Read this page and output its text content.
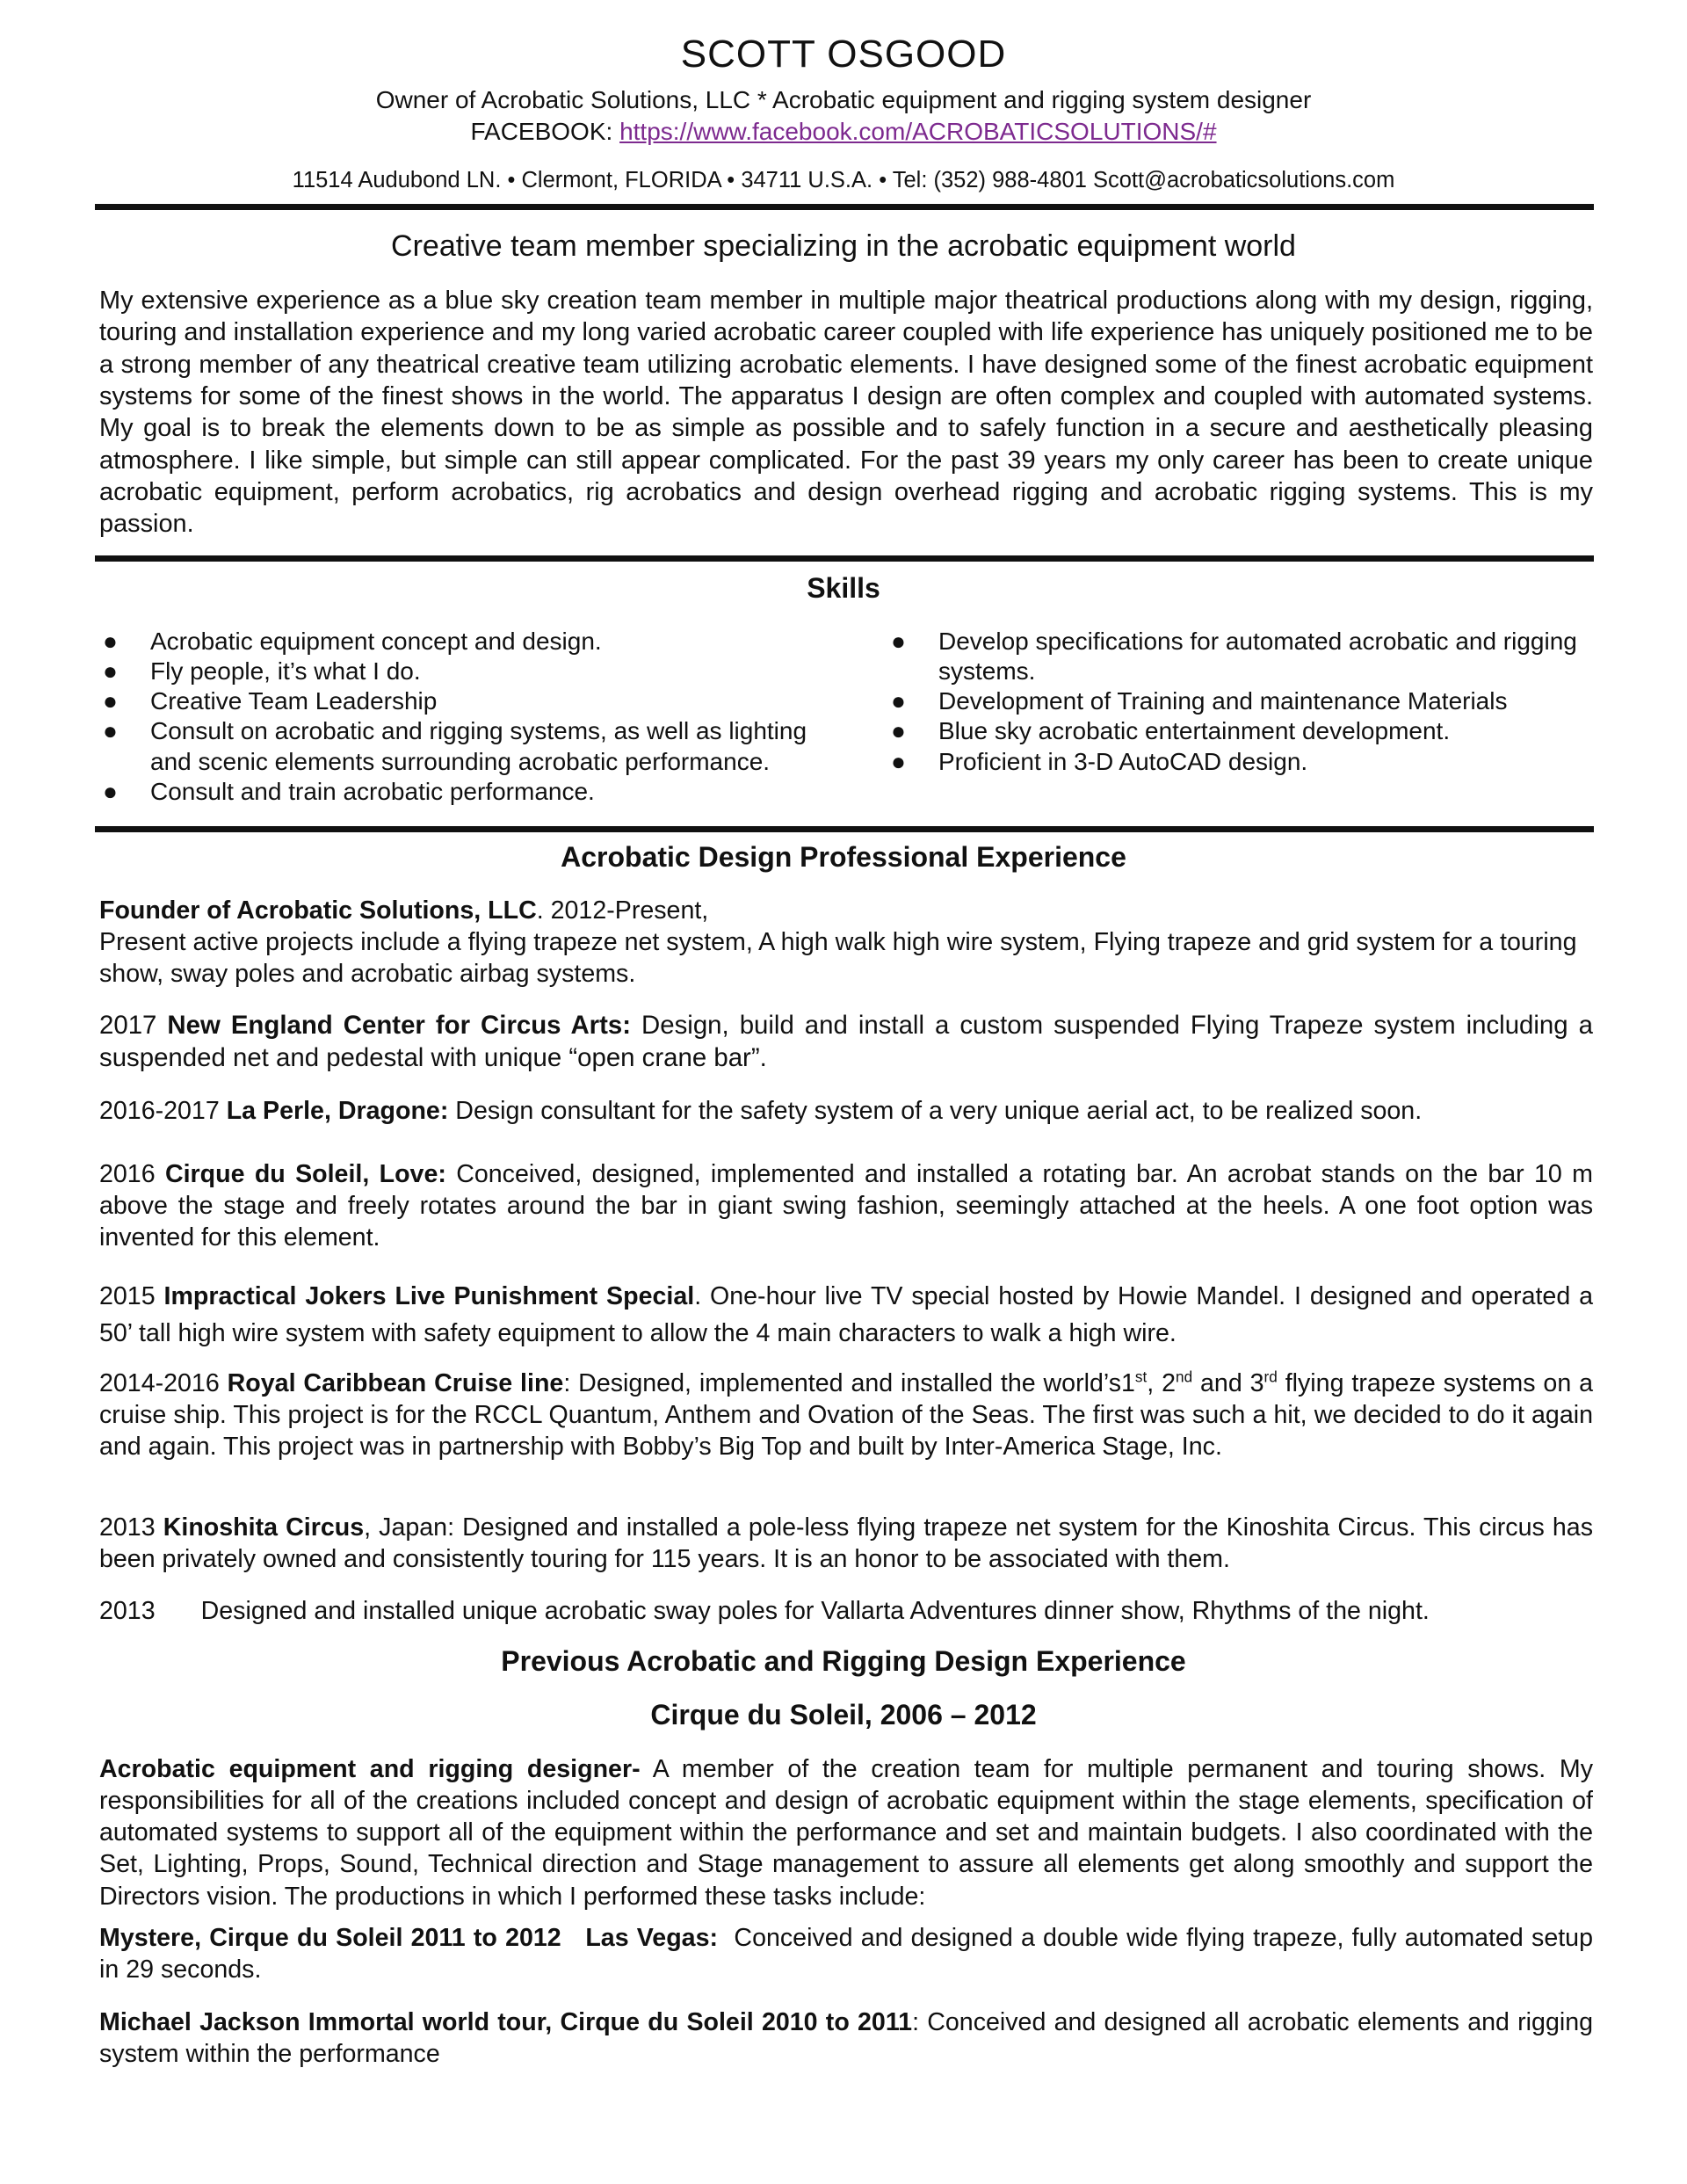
SCOTT OSGOOD
Owner of Acrobatic Solutions, LLC * Acrobatic equipment and rigging system designer
FACEBOOK: https://www.facebook.com/ACROBATICSOLUTIONS/#
11514 Audubond LN. • Clermont, FLORIDA • 34711 U.S.A. • Tel: (352) 988-4801 Scott@acrobaticsolutions.com
Creative team member specializing in the acrobatic equipment world
My extensive experience as a blue sky creation team member in multiple major theatrical productions along with my design, rigging, touring and installation experience and my long varied acrobatic career coupled with life experience has uniquely positioned me to be a strong member of any theatrical creative team utilizing acrobatic elements. I have designed some of the finest acrobatic equipment systems for some of the finest shows in the world. The apparatus I design are often complex and coupled with automated systems. My goal is to break the elements down to be as simple as possible and to safely function in a secure and aesthetically pleasing atmosphere. I like simple, but simple can still appear complicated. For the past 39 years my only career has been to create unique acrobatic equipment, perform acrobatics, rig acrobatics and design overhead rigging and acrobatic rigging systems. This is my passion.
Skills
● Acrobatic equipment concept and design.
● Fly people, it’s what I do.
● Creative Team Leadership
● Consult on acrobatic and rigging systems, as well as lighting and scenic elements surrounding acrobatic performance.
● Consult and train acrobatic performance.
● Develop specifications for automated acrobatic and rigging systems.
● Development of Training and maintenance Materials
● Blue sky acrobatic entertainment development.
● Proficient in 3-D AutoCAD design.
Acrobatic Design Professional Experience
Founder of Acrobatic Solutions, LLC. 2012-Present,
Present active projects include a flying trapeze net system, A high walk high wire system, Flying trapeze and grid system for a touring show, sway poles and acrobatic airbag systems.
2017 New England Center for Circus Arts: Design, build and install a custom suspended Flying Trapeze system including a suspended net and pedestal with unique “open crane bar”.
2016-2017 La Perle, Dragone: Design consultant for the safety system of a very unique aerial act, to be realized soon.
2016 Cirque du Soleil, Love: Conceived, designed, implemented and installed a rotating bar. An acrobat stands on the bar 10 m above the stage and freely rotates around the bar in giant swing fashion, seemingly attached at the heels. A one foot option was invented for this element.
2015 Impractical Jokers Live Punishment Special. One-hour live TV special hosted by Howie Mandel. I designed and operated a 50’ tall high wire system with safety equipment to allow the 4 main characters to walk a high wire.
2014-2016 Royal Caribbean Cruise line: Designed, implemented and installed the world’s1st, 2nd and 3rd flying trapeze systems on a cruise ship. This project is for the RCCL Quantum, Anthem and Ovation of the Seas. The first was such a hit, we decided to do it again and again. This project was in partnership with Bobby’s Big Top and built by Inter-America Stage, Inc.
2013 Kinoshita Circus, Japan: Designed and installed a pole-less flying trapeze net system for the Kinoshita Circus. This circus has been privately owned and consistently touring for 115 years. It is an honor to be associated with them.
2013 Designed and installed unique acrobatic sway poles for Vallarta Adventures dinner show, Rhythms of the night.
Previous Acrobatic and Rigging Design Experience
Cirque du Soleil, 2006 – 2012
Acrobatic equipment and rigging designer- A member of the creation team for multiple permanent and touring shows. My responsibilities for all of the creations included concept and design of acrobatic equipment within the stage elements, specification of automated systems to support all of the equipment within the performance and set and maintain budgets. I also coordinated with the Set, Lighting, Props, Sound, Technical direction and Stage management to assure all elements get along smoothly and support the Directors vision. The productions in which I performed these tasks include:
Mystere, Cirque du Soleil 2011 to 2012   Las Vegas:  Conceived and designed a double wide flying trapeze, fully automated setup in 29 seconds.
Michael Jackson Immortal world tour, Cirque du Soleil 2010 to 2011: Conceived and designed all acrobatic elements and rigging system within the performance
